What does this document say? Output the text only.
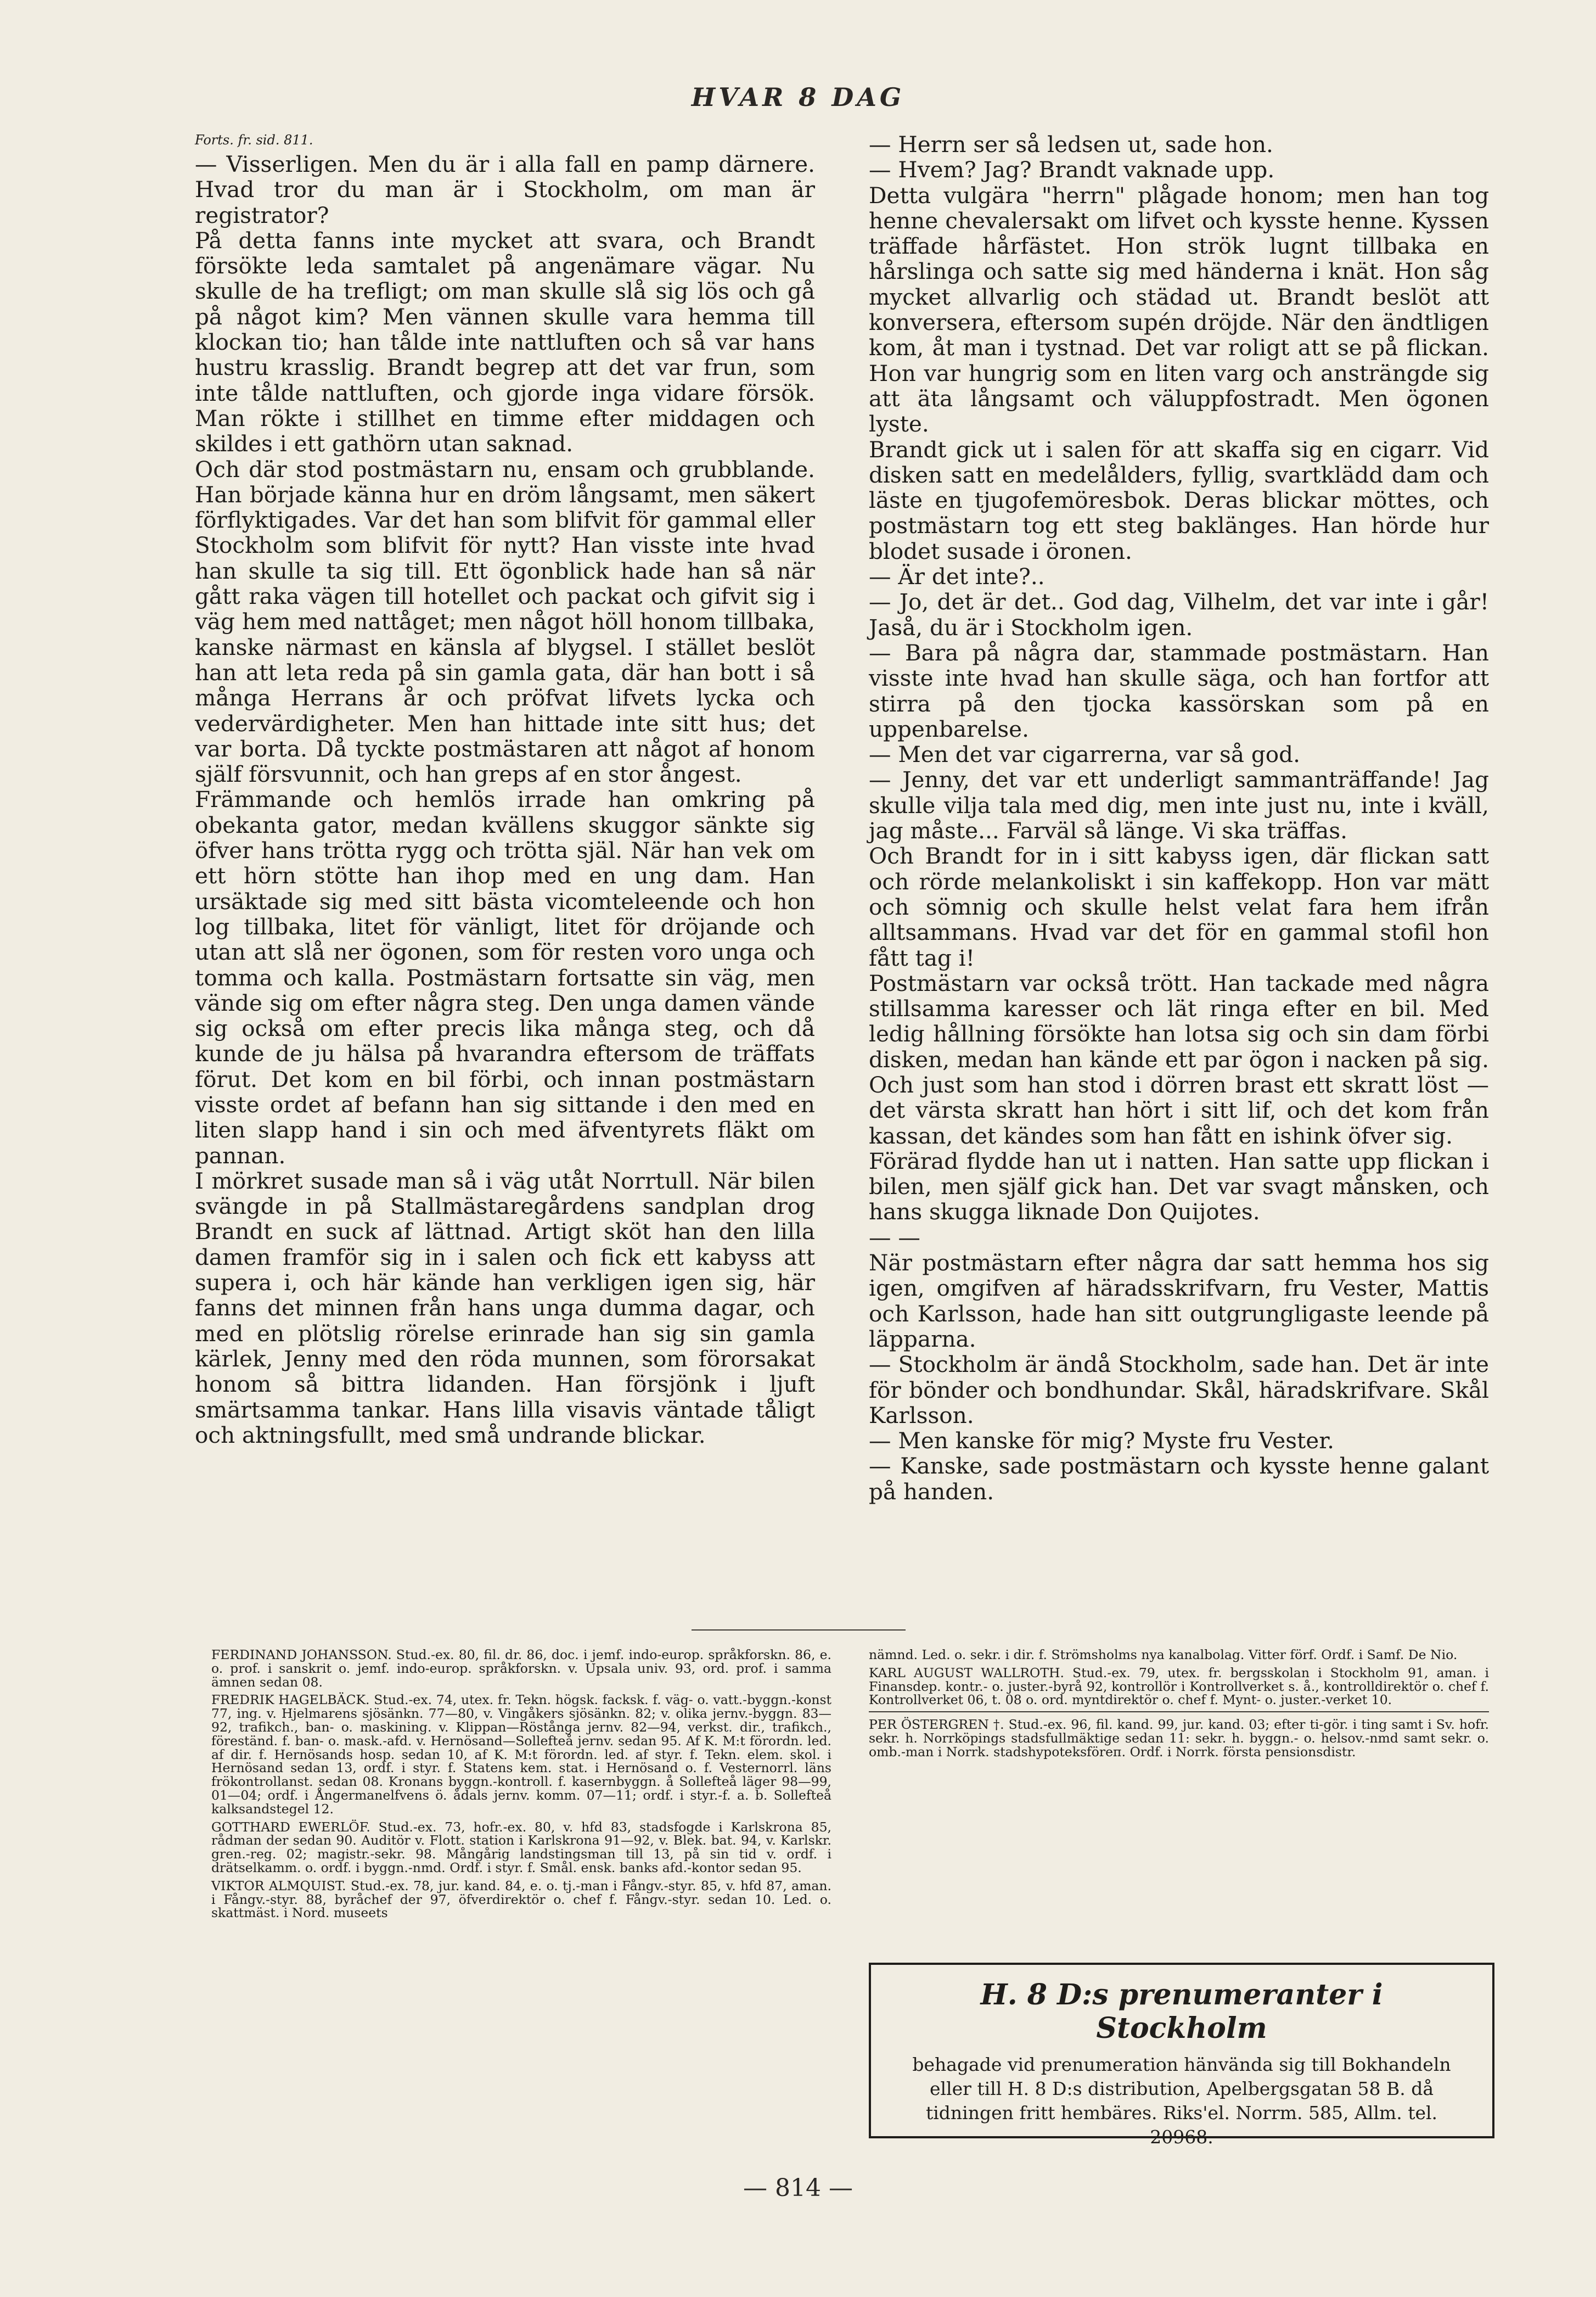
HVAR 8 DAG

Forts. fr. sid. 811.

— Visserligen. Men du är i alla fall en pamp därnere. Hvad tror du man är i Stockholm, om man är registrator?

På detta fanns inte mycket att svara, och Brandt försökte leda samtalet på angenämare vägar. Nu skulle de ha trefligt; om man skulle slå sig lös och gå på något kim? Men vännen skulle vara hemma till klockan tio; han tålde inte nattluften och så var hans hustru krasslig. Brandt begrep att det var frun, som inte tålde nattluften, och gjorde inga vidare försök. Man rökte i stillhet en timme efter middagen och skildes i ett gathörn utan saknad.

Och där stod postmästarn nu, ensam och grubblande. Han började känna hur en dröm långsamt, men säkert förflyktigades. Var det han som blifvit för gammal eller Stockholm som blifvit för nytt? Han visste inte hvad han skulle ta sig till. Ett ögonblick hade han så när gått raka vägen till hotellet och packat och gifvit sig i väg hem med nattåget; men något höll honom tillbaka, kanske närmast en känsla af blygsel. I stället beslöt han att leta reda på sin gamla gata, där han bott i så många Herrans år och pröfvat lifvets lycka och vedervärdigheter. Men han hittade inte sitt hus; det var borta. Då tyckte postmästaren att något af honom själf försvunnit, och han greps af en stor ångest.

Främmande och hemlös irrade han omkring på obekanta gator, medan kvällens skuggor sänkte sig öfver hans trötta rygg och trötta själ. När han vek om ett hörn stötte han ihop med en ung dam. Han ursäktade sig med sitt bästa vicomteleende och hon log tillbaka, litet för vänligt, litet för dröjande och utan att slå ner ögonen, som för resten voro unga och tomma och kalla. Postmästarn fortsatte sin väg, men vände sig om efter några steg. Den unga damen vände sig också om efter precis lika många steg, och då kunde de ju hälsa på hvarandra eftersom de träffats förut. Det kom en bil förbi, och innan postmästarn visste ordet af befann han sig sittande i den med en liten slapp hand i sin och med äfventyrets fläkt om pannan.

I mörkret susade man så i väg utåt Norrtull. När bilen svängde in på Stallmästaregårdens sandplan drog Brandt en suck af lättnad. Artigt sköt han den lilla damen framför sig in i salen och fick ett kabyss att supera i, och här kände han verkligen igen sig, här fanns det minnen från hans unga dumma dagar, och med en plötslig rörelse erinrade han sig sin gamla kärlek, Jenny med den röda munnen, som förorsakat honom så bittra lidanden. Han försjönk i ljuft smärtsamma tankar. Hans lilla visavis väntade tåligt och aktningsfullt, med små undrande blickar.

— Herrn ser så ledsen ut, sade hon.

— Hvem? Jag? Brandt vaknade upp.

Detta vulgära "herrn" plågade honom; men han tog henne chevalersakt om lifvet och kysste henne. Kyssen träffade hårfästet. Hon strök lugnt tillbaka en hårslinga och satte sig med händerna i knät. Hon såg mycket allvarlig och städad ut. Brandt beslöt att konversera, eftersom supén dröjde. När den ändtligen kom, åt man i tystnad. Det var roligt att se på flickan. Hon var hungrig som en liten varg och ansträngde sig att äta långsamt och väluppfostradt. Men ögonen lyste.

Brandt gick ut i salen för att skaffa sig en cigarr. Vid disken satt en medelålders, fyllig, svartklädd dam och läste en tjugofemöresbok. Deras blickar möttes, och postmästarn tog ett steg baklänges. Han hörde hur blodet susade i öronen.

— Är det inte?..

— Jo, det är det.. God dag, Vilhelm, det var inte i går! Jaså, du är i Stockholm igen.

— Bara på några dar, stammade postmästarn. Han visste inte hvad han skulle säga, och han fortfor att stirra på den tjocka kassörskan som på en uppenbarelse.

— Men det var cigarrerna, var så god.

— Jenny, det var ett underligt sammanträffande! Jag skulle vilja tala med dig, men inte just nu, inte i kväll, jag måste... Farväl så länge. Vi ska träffas.

Och Brandt for in i sitt kabyss igen, där flickan satt och rörde melankoliskt i sin kaffekopp. Hon var mätt och sömnig och skulle helst velat fara hem ifrån alltsammans. Hvad var det för en gammal stofil hon fått tag i!

Postmästarn var också trött. Han tackade med några stillsamma karesser och lät ringa efter en bil. Med ledig hållning försökte han lotsa sig och sin dam förbi disken, medan han kände ett par ögon i nacken på sig. Och just som han stod i dörren brast ett skratt löst — det värsta skratt han hört i sitt lif, och det kom från kassan, det kändes som han fått en ishink öfver sig.

Förärad flydde han ut i natten. Han satte upp flickan i bilen, men själf gick han. Det var svagt månsken, och hans skugga liknade Don Quijotes.

— —

När postmästarn efter några dar satt hemma hos sig igen, omgifven af häradsskrifvarn, fru Vester, Mattis och Karlsson, hade han sitt outgrungligaste leende på läpparna.

— Stockholm är ändå Stockholm, sade han. Det är inte för bönder och bondhundar. Skål, häradskrifvare. Skål Karlsson.

— Men kanske för mig? Myste fru Vester.

— Kanske, sade postmästarn och kysste henne galant på handen.

FERDINAND JOHANSSON. Stud.-ex. 80, fil. dr. 86, doc. i jemf. indo-europ. språkforskn. 86, e. o. prof. i sanskrit o. jemf. indo-europ. språkforskn. v. Upsala univ. 93, ord. prof. i samma ämnen sedan 08.

FREDRIK HAGELBÄCK. Stud.-ex. 74, utex. fr. Tekn. högsk. facksk. f. väg- o. vatt.-byggn.-konst 77, ing. v. Hjelmarens sjösänkn. 77—80, v. Vingåkers sjösänkn. 82; v. olika jernv.-byggn. 83—92, trafikch., ban- o. maskining. v. Klippan—Röstånga jernv. 82—94, verkst. dir., trafikch., föreständ. f. ban- o. mask.-afd. v. Hernösand—Sollefteå jernv. sedan 95. Af K. M:t förordn. led. af dir. f. Hernösands hosp. sedan 10, af K. M:t förordn. led. af styr. f. Tekn. elem. skol. i Hernösand sedan 13, ordf. i styr. f. Statens kem. stat. i Hernösand o. f. Vesternorrl. läns frökontrollanst. sedan 08. Kronans byggn.-kontroll. f. kasernbyggn. å Sollefteå läger 98—99, 01—04; ordf. i Ångermanelfvens ö. ådals jernv. komm. 07—11; ordf. i styr.-f. a. b. Sollefteå kalksandstegel 12.

GOTTHARD EWERLÖF. Stud.-ex. 73, hofr.-ex. 80, v. hfd 83, stadsfogde i Karlskrona 85, rådman der sedan 90. Auditör v. Flott. station i Karlskrona 91—92, v. Blek. bat. 94, v. Karlskr. gren.-reg. 02; magistr.-sekr. 98. Mångårig landstingsman till 13, på sin tid v. ordf. i drätselkamm. o. ordf. i byggn.-nmd. Ordf. i styr. f. Smål. ensk. banks afd.-kontor sedan 95.

VIKTOR ALMQUIST. Stud.-ex. 78, jur. kand. 84, e. o. tj.-man i Fångv.-styr. 85, v. hfd 87, aman. i Fångv.-styr. 88, byråchef der 97, öfverdirektör o. chef f. Fångv.-styr. sedan 10. Led. o. skattmäst. i Nord. museets

nämnd. Led. o. sekr. i dir. f. Strömsholms nya kanalbolag. Vitter förf. Ordf. i Samf. De Nio.

KARL AUGUST WALLROTH. Stud.-ex. 79, utex. fr. bergsskolan i Stockholm 91, aman. i Finansdep. kontr.- o. juster.-byrå 92, kontrollör i Kontrollverket s. å., kontrolldirektör o. chef f. Kontrollverket 06, t. 08 o. ord. myntdirektör o. chef f. Mynt- o. juster.-verket 10.

PER ÖSTERGREN †. Stud.-ex. 96, fil. kand. 99, jur. kand. 03; efter ti-gör. i ting samt i Sv. hofr. sekr. h. Norrköpings stadsfullmäktige sedan 11: sekr. h. byggn.- o. helsov.-nmd samt sekr. o. omb.-man i Norrk. stadshypoteksföreп. Ordf. i Norrk. första pensionsdistr.

H. 8 D:s prenumeranter i Stockholm
behagade vid prenumeration hänvända sig till Bokhandeln eller till H. 8 D:s distribution, Apelbergsgatan 58 B. då tidningen fritt hembäres. Riks'el. Norrm. 585, Allm. tel. 20968.
— 814 —
